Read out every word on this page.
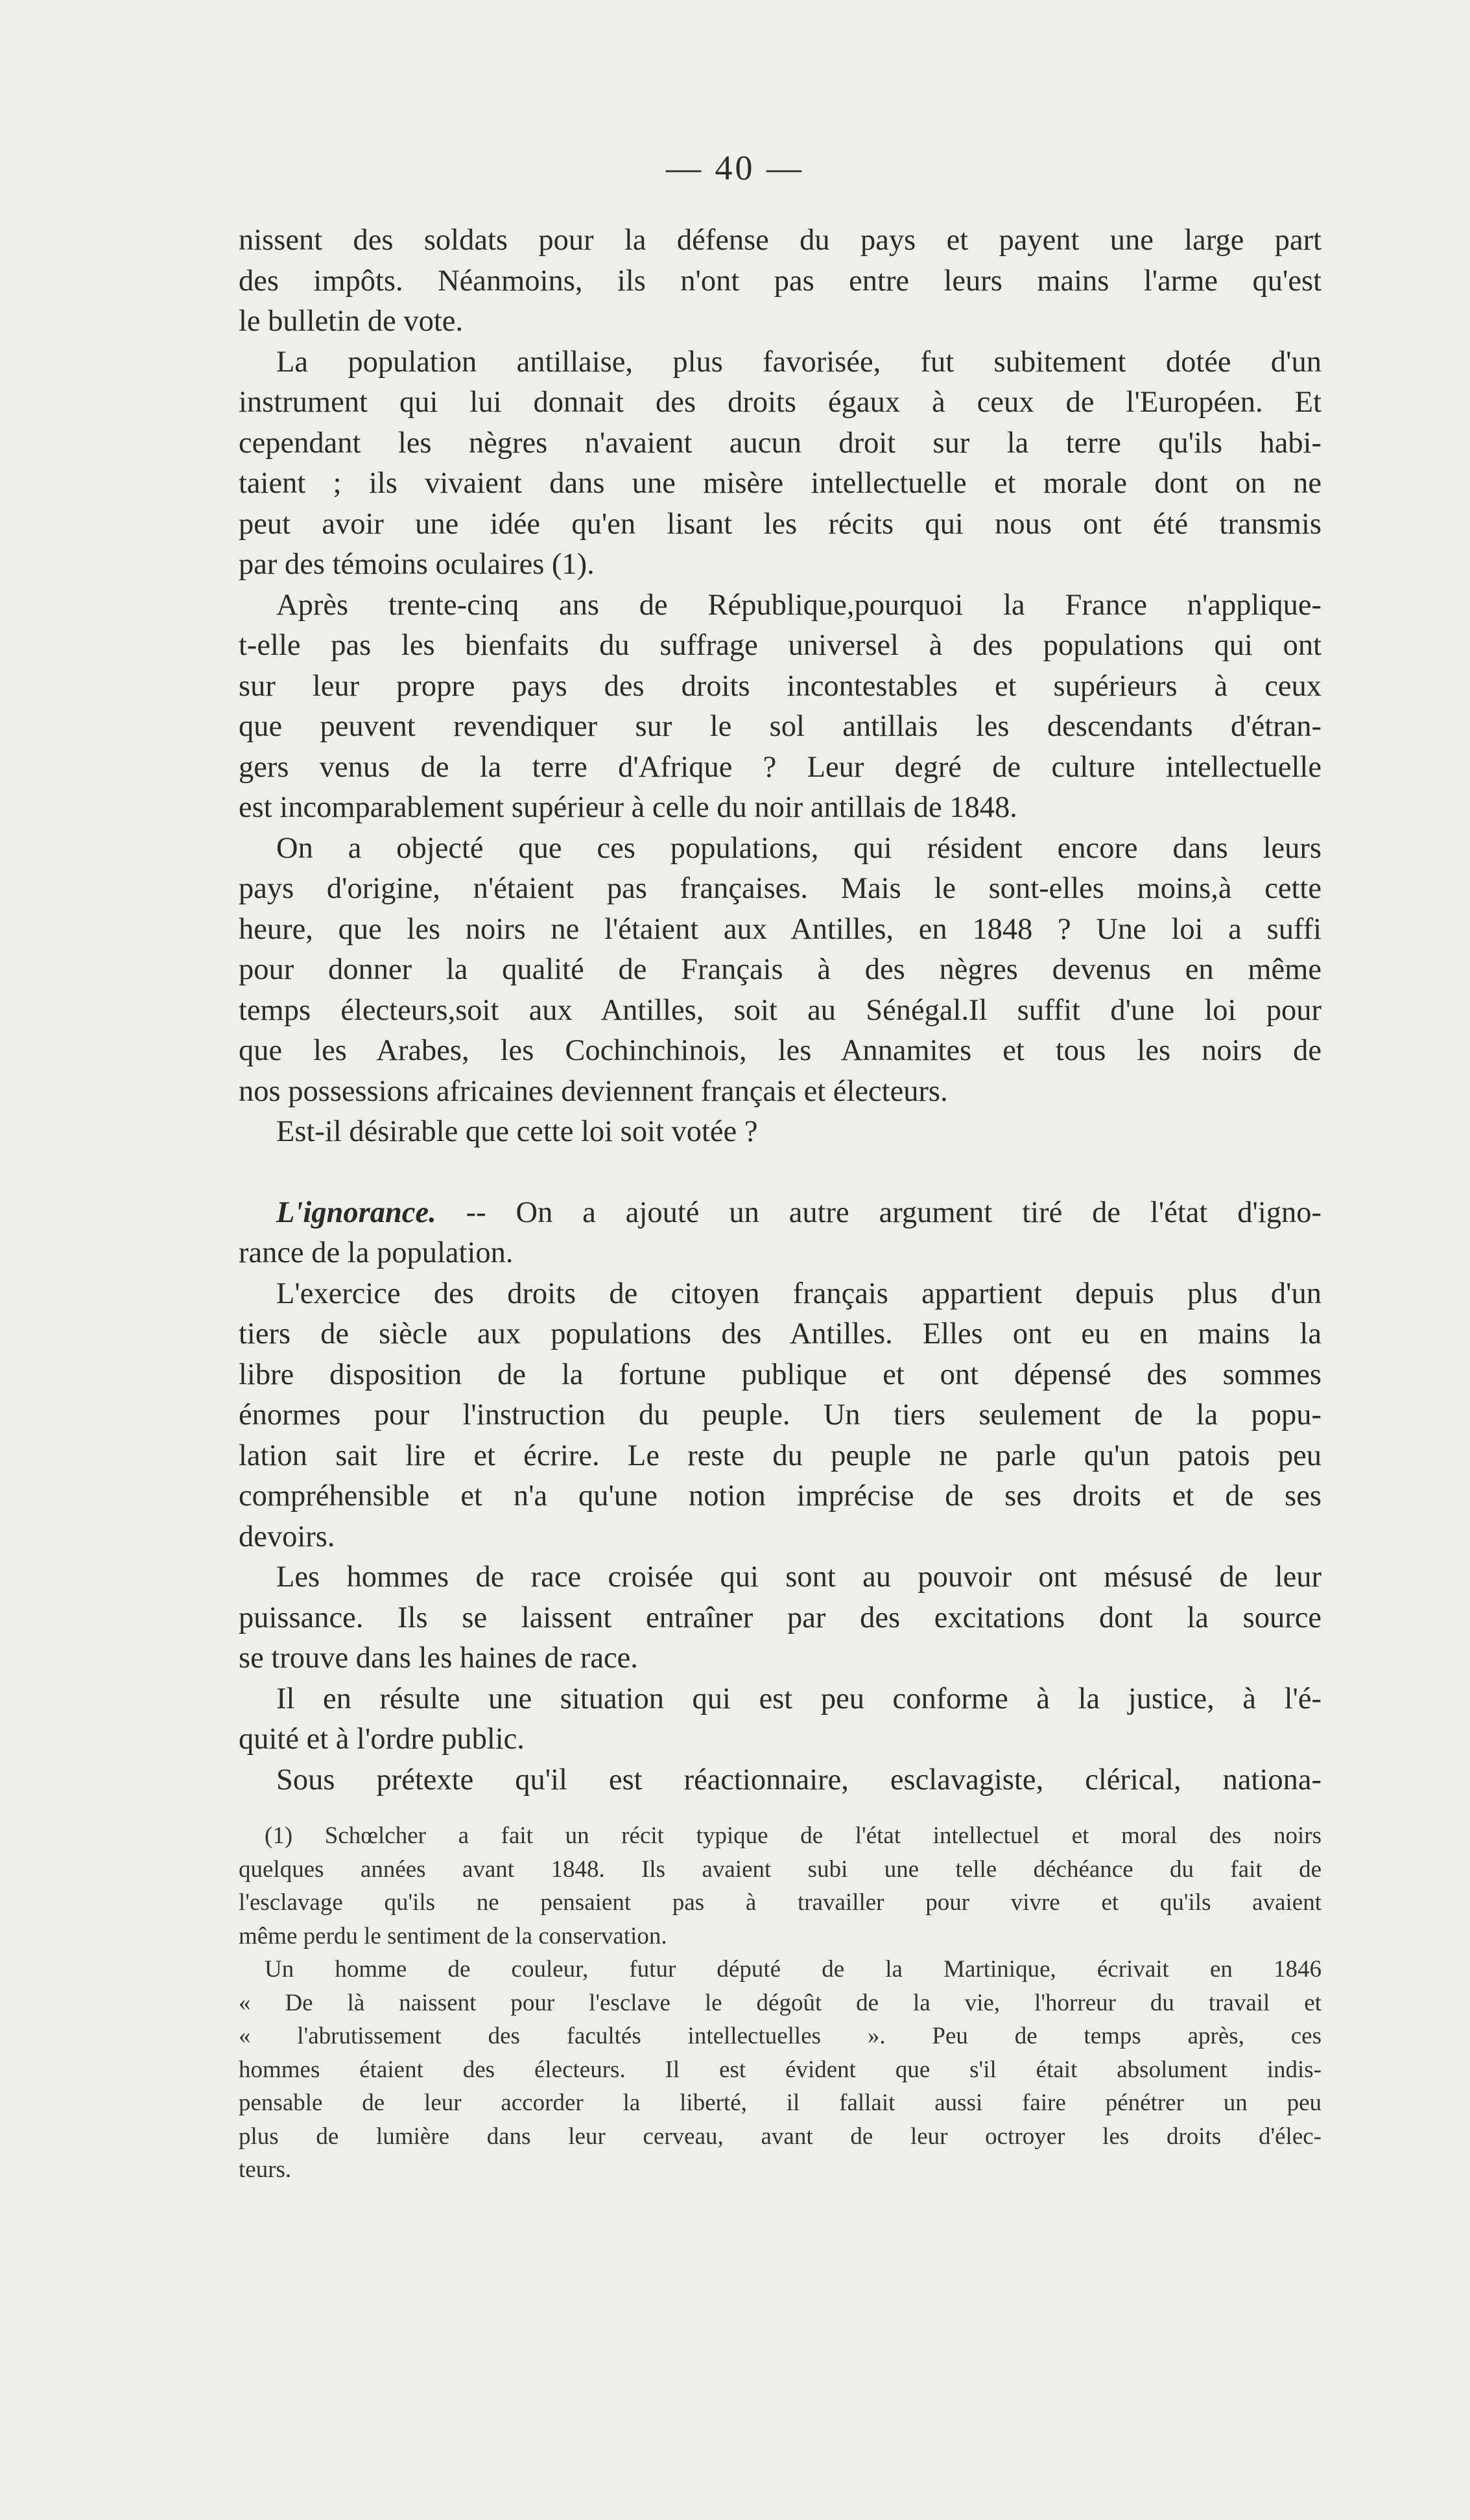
— 40 —
nissent des soldats pour la défense du pays et payent une large part
des impôts. Néanmoins, ils n'ont pas entre leurs mains l'arme qu'est
le bulletin de vote.
La population antillaise, plus favorisée, fut subitement dotée d'un
instrument qui lui donnait des droits égaux à ceux de l'Européen. Et
cependant les nègres n'avaient aucun droit sur la terre qu'ils habi-
taient ; ils vivaient dans une misère intellectuelle et morale dont on ne
peut avoir une idée qu'en lisant les récits qui nous ont été transmis
par des témoins oculaires (1).
Après trente-cinq ans de République,pourquoi la France n'applique-
t-elle pas les bienfaits du suffrage universel à des populations qui ont
sur leur propre pays des droits incontestables et supérieurs à ceux
que peuvent revendiquer sur le sol antillais les descendants d'étran-
gers venus de la terre d'Afrique ? Leur degré de culture intellectuelle
est incomparablement supérieur à celle du noir antillais de 1848.
On a objecté que ces populations, qui résident encore dans leurs
pays d'origine, n'étaient pas françaises. Mais le sont-elles moins,à cette
heure, que les noirs ne l'étaient aux Antilles, en 1848 ? Une loi a suffi
pour donner la qualité de Français à des nègres devenus en même
temps électeurs,soit aux Antilles, soit au Sénégal.Il suffit d'une loi pour
que les Arabes, les Cochinchinois, les Annamites et tous les noirs de
nos possessions africaines deviennent français et électeurs.
Est-il désirable que cette loi soit votée ?
L'ignorance. -- On a ajouté un autre argument tiré de l'état d'igno-
rance de la population.
L'exercice des droits de citoyen français appartient depuis plus d'un
tiers de siècle aux populations des Antilles. Elles ont eu en mains la
libre disposition de la fortune publique et ont dépensé des sommes
énormes pour l'instruction du peuple. Un tiers seulement de la popu-
lation sait lire et écrire. Le reste du peuple ne parle qu'un patois peu
compréhensible et n'a qu'une notion imprécise de ses droits et de ses
devoirs.
Les hommes de race croisée qui sont au pouvoir ont mésusé de leur
puissance. Ils se laissent entraîner par des excitations dont la source
se trouve dans les haines de race.
Il en résulte une situation qui est peu conforme à la justice, à l'é-
quité et à l'ordre public.
Sous prétexte qu'il est réactionnaire, esclavagiste, clérical, nationa-
(1) Schœlcher a fait un récit typique de l'état intellectuel et moral des noirs
quelques années avant 1848. Ils avaient subi une telle déchéance du fait de
l'esclavage qu'ils ne pensaient pas à travailler pour vivre et qu'ils avaient
même perdu le sentiment de la conservation.
Un homme de couleur, futur député de la Martinique, écrivait en 1846
« De là naissent pour l'esclave le dégoût de la vie, l'horreur du travail et
« l'abrutissement des facultés intellectuelles ». Peu de temps après, ces
hommes étaient des électeurs. Il est évident que s'il était absolument indis-
pensable de leur accorder la liberté, il fallait aussi faire pénétrer un peu
plus de lumière dans leur cerveau, avant de leur octroyer les droits d'élec-
teurs.
